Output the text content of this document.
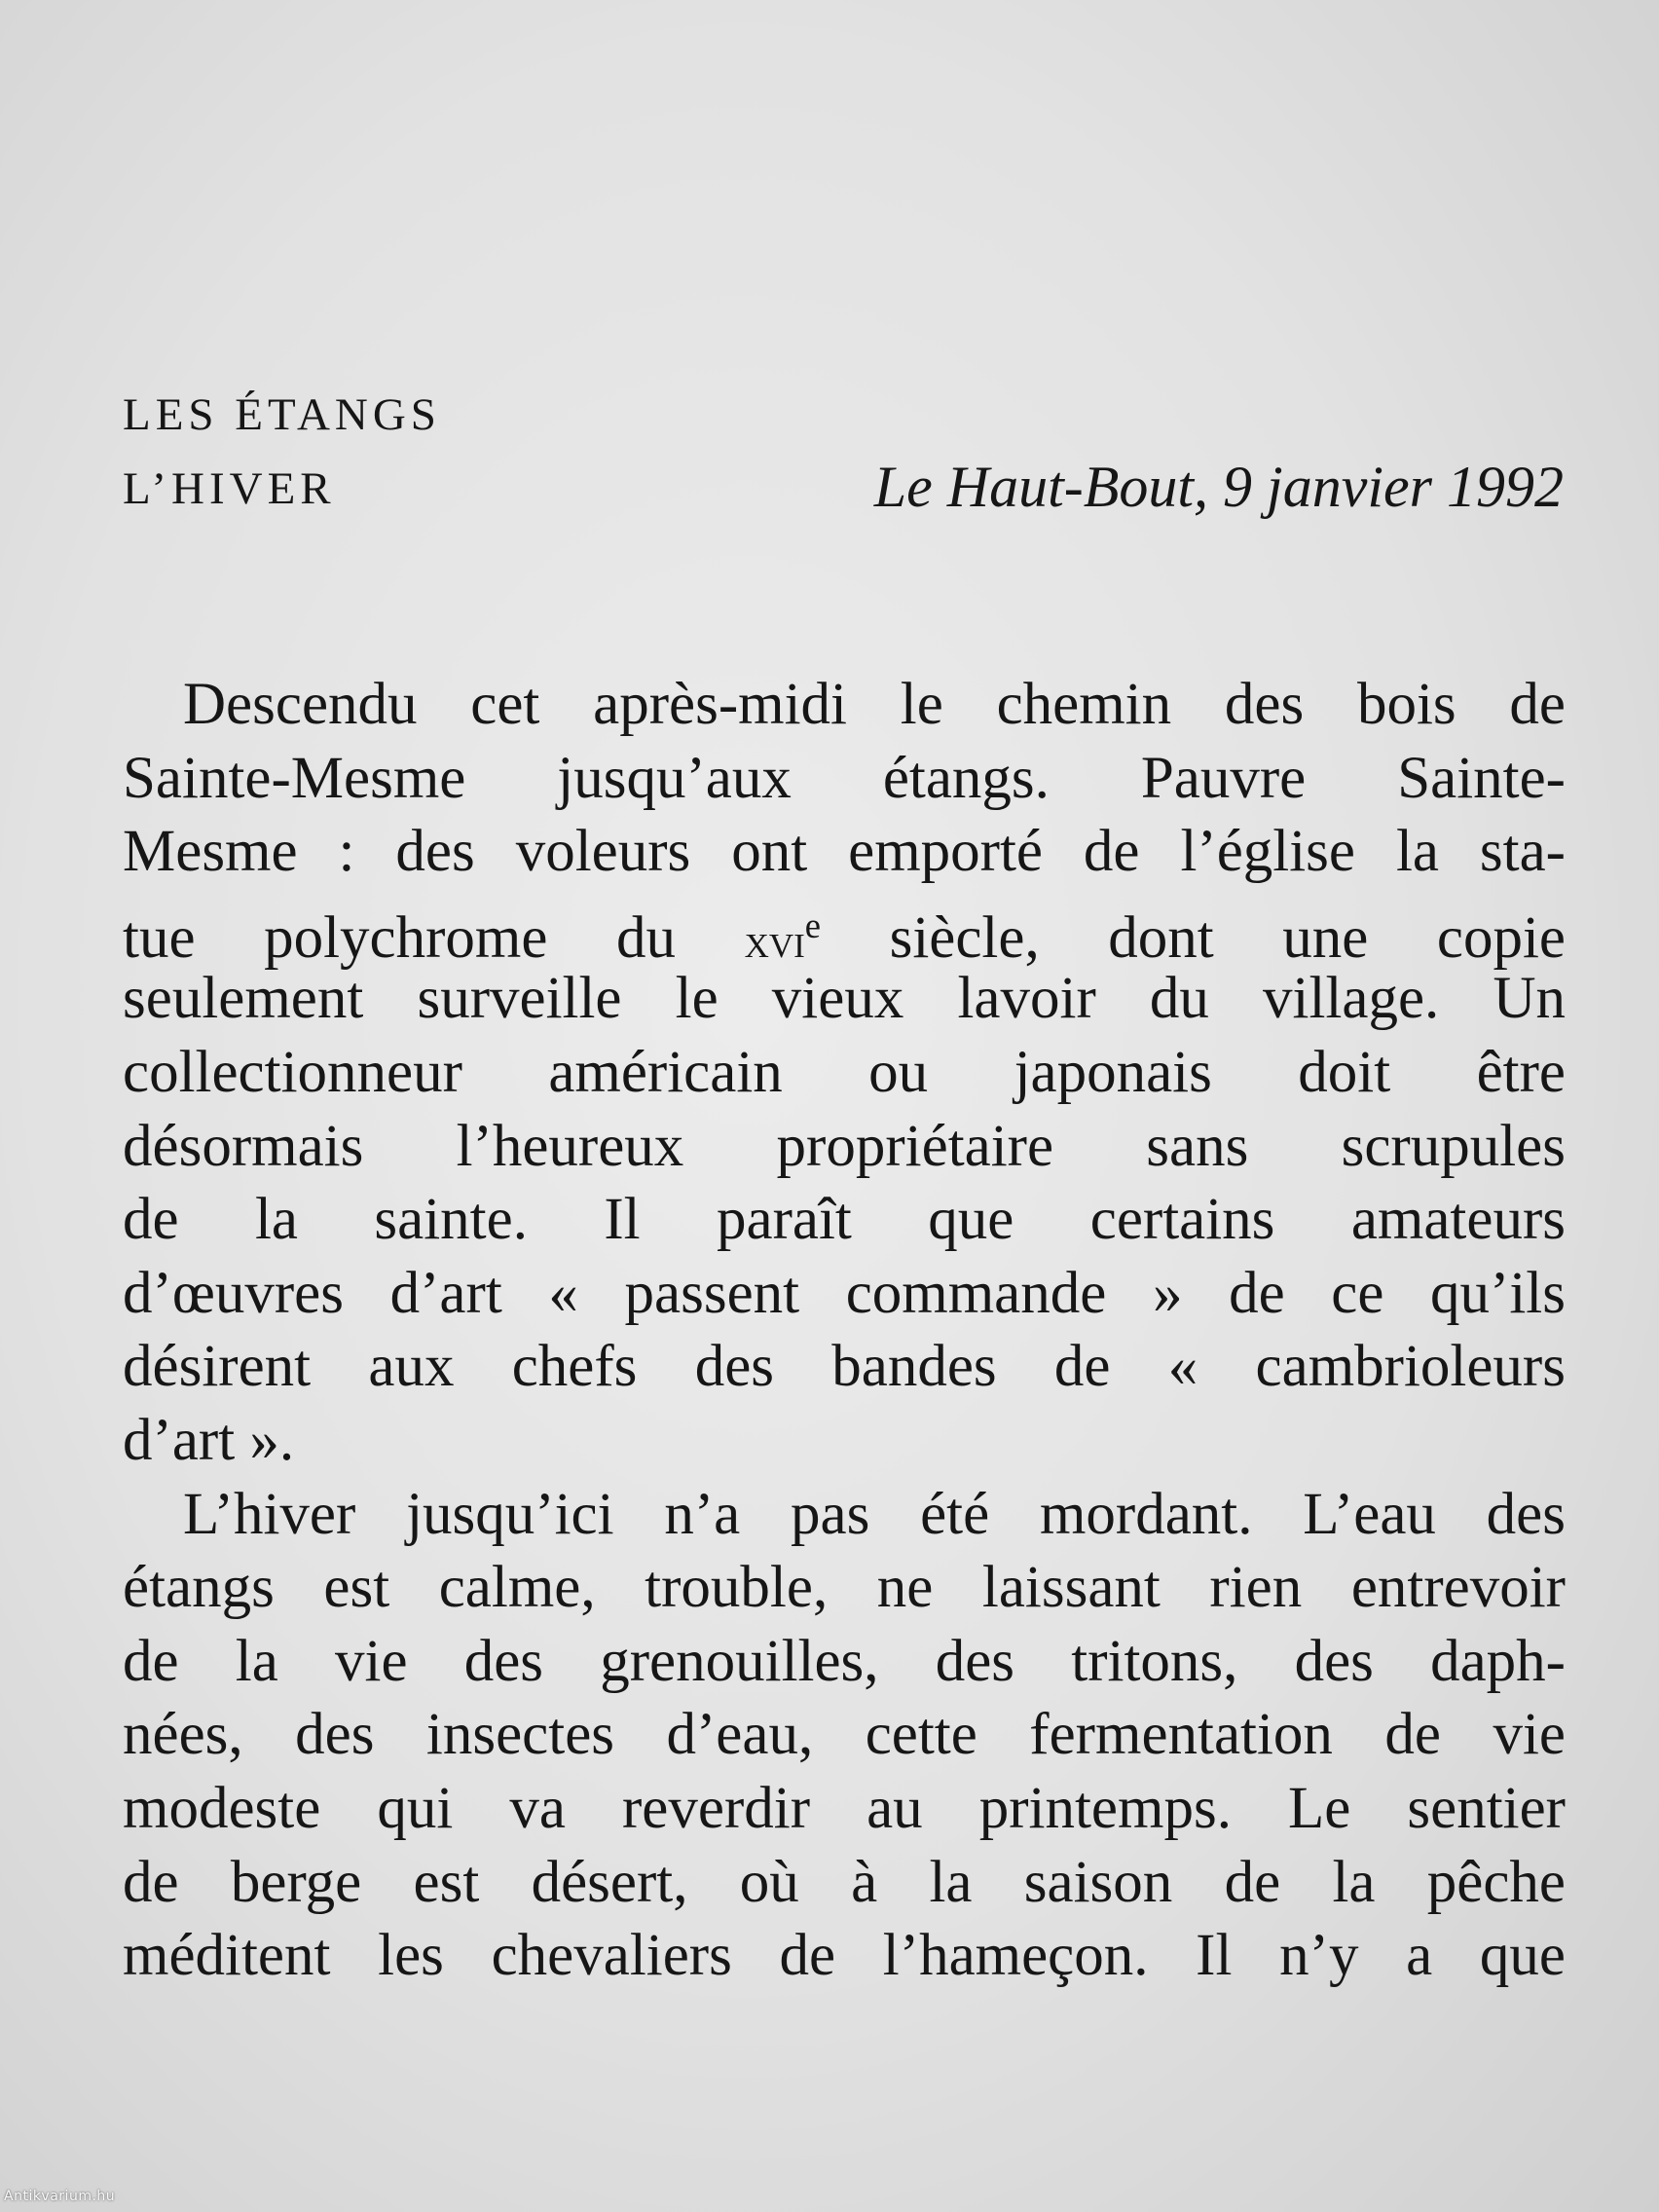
LES ÉTANGS
L’HIVER	Le Haut-Bout, 9 janvier 1992
Descendu cet après-midi le chemin des bois de
Sainte-Mesme jusqu’aux étangs. Pauvre Sainte-
Mesme : des voleurs ont emporté de l’église la sta-
tue polychrome du xvi$^e$ siècle, dont une copie
seulement surveille le vieux lavoir du village. Un
collectionneur américain ou japonais doit être
désormais l’heureux propriétaire sans scrupules
de la sainte. Il paraît que certains amateurs
d’œuvres d’art « passent commande » de ce qu’ils
désirent aux chefs des bandes de « cambrioleurs
d’art ».
L’hiver jusqu’ici n’a pas été mordant. L’eau des
étangs est calme, trouble, ne laissant rien entrevoir
de la vie des grenouilles, des tritons, des daph-
nées, des insectes d’eau, cette fermentation de vie
modeste qui va reverdir au printemps. Le sentier
de berge est désert, où à la saison de la pêche
méditent les chevaliers de l’hameçon. Il n’y a que
Antikvarium.hu
